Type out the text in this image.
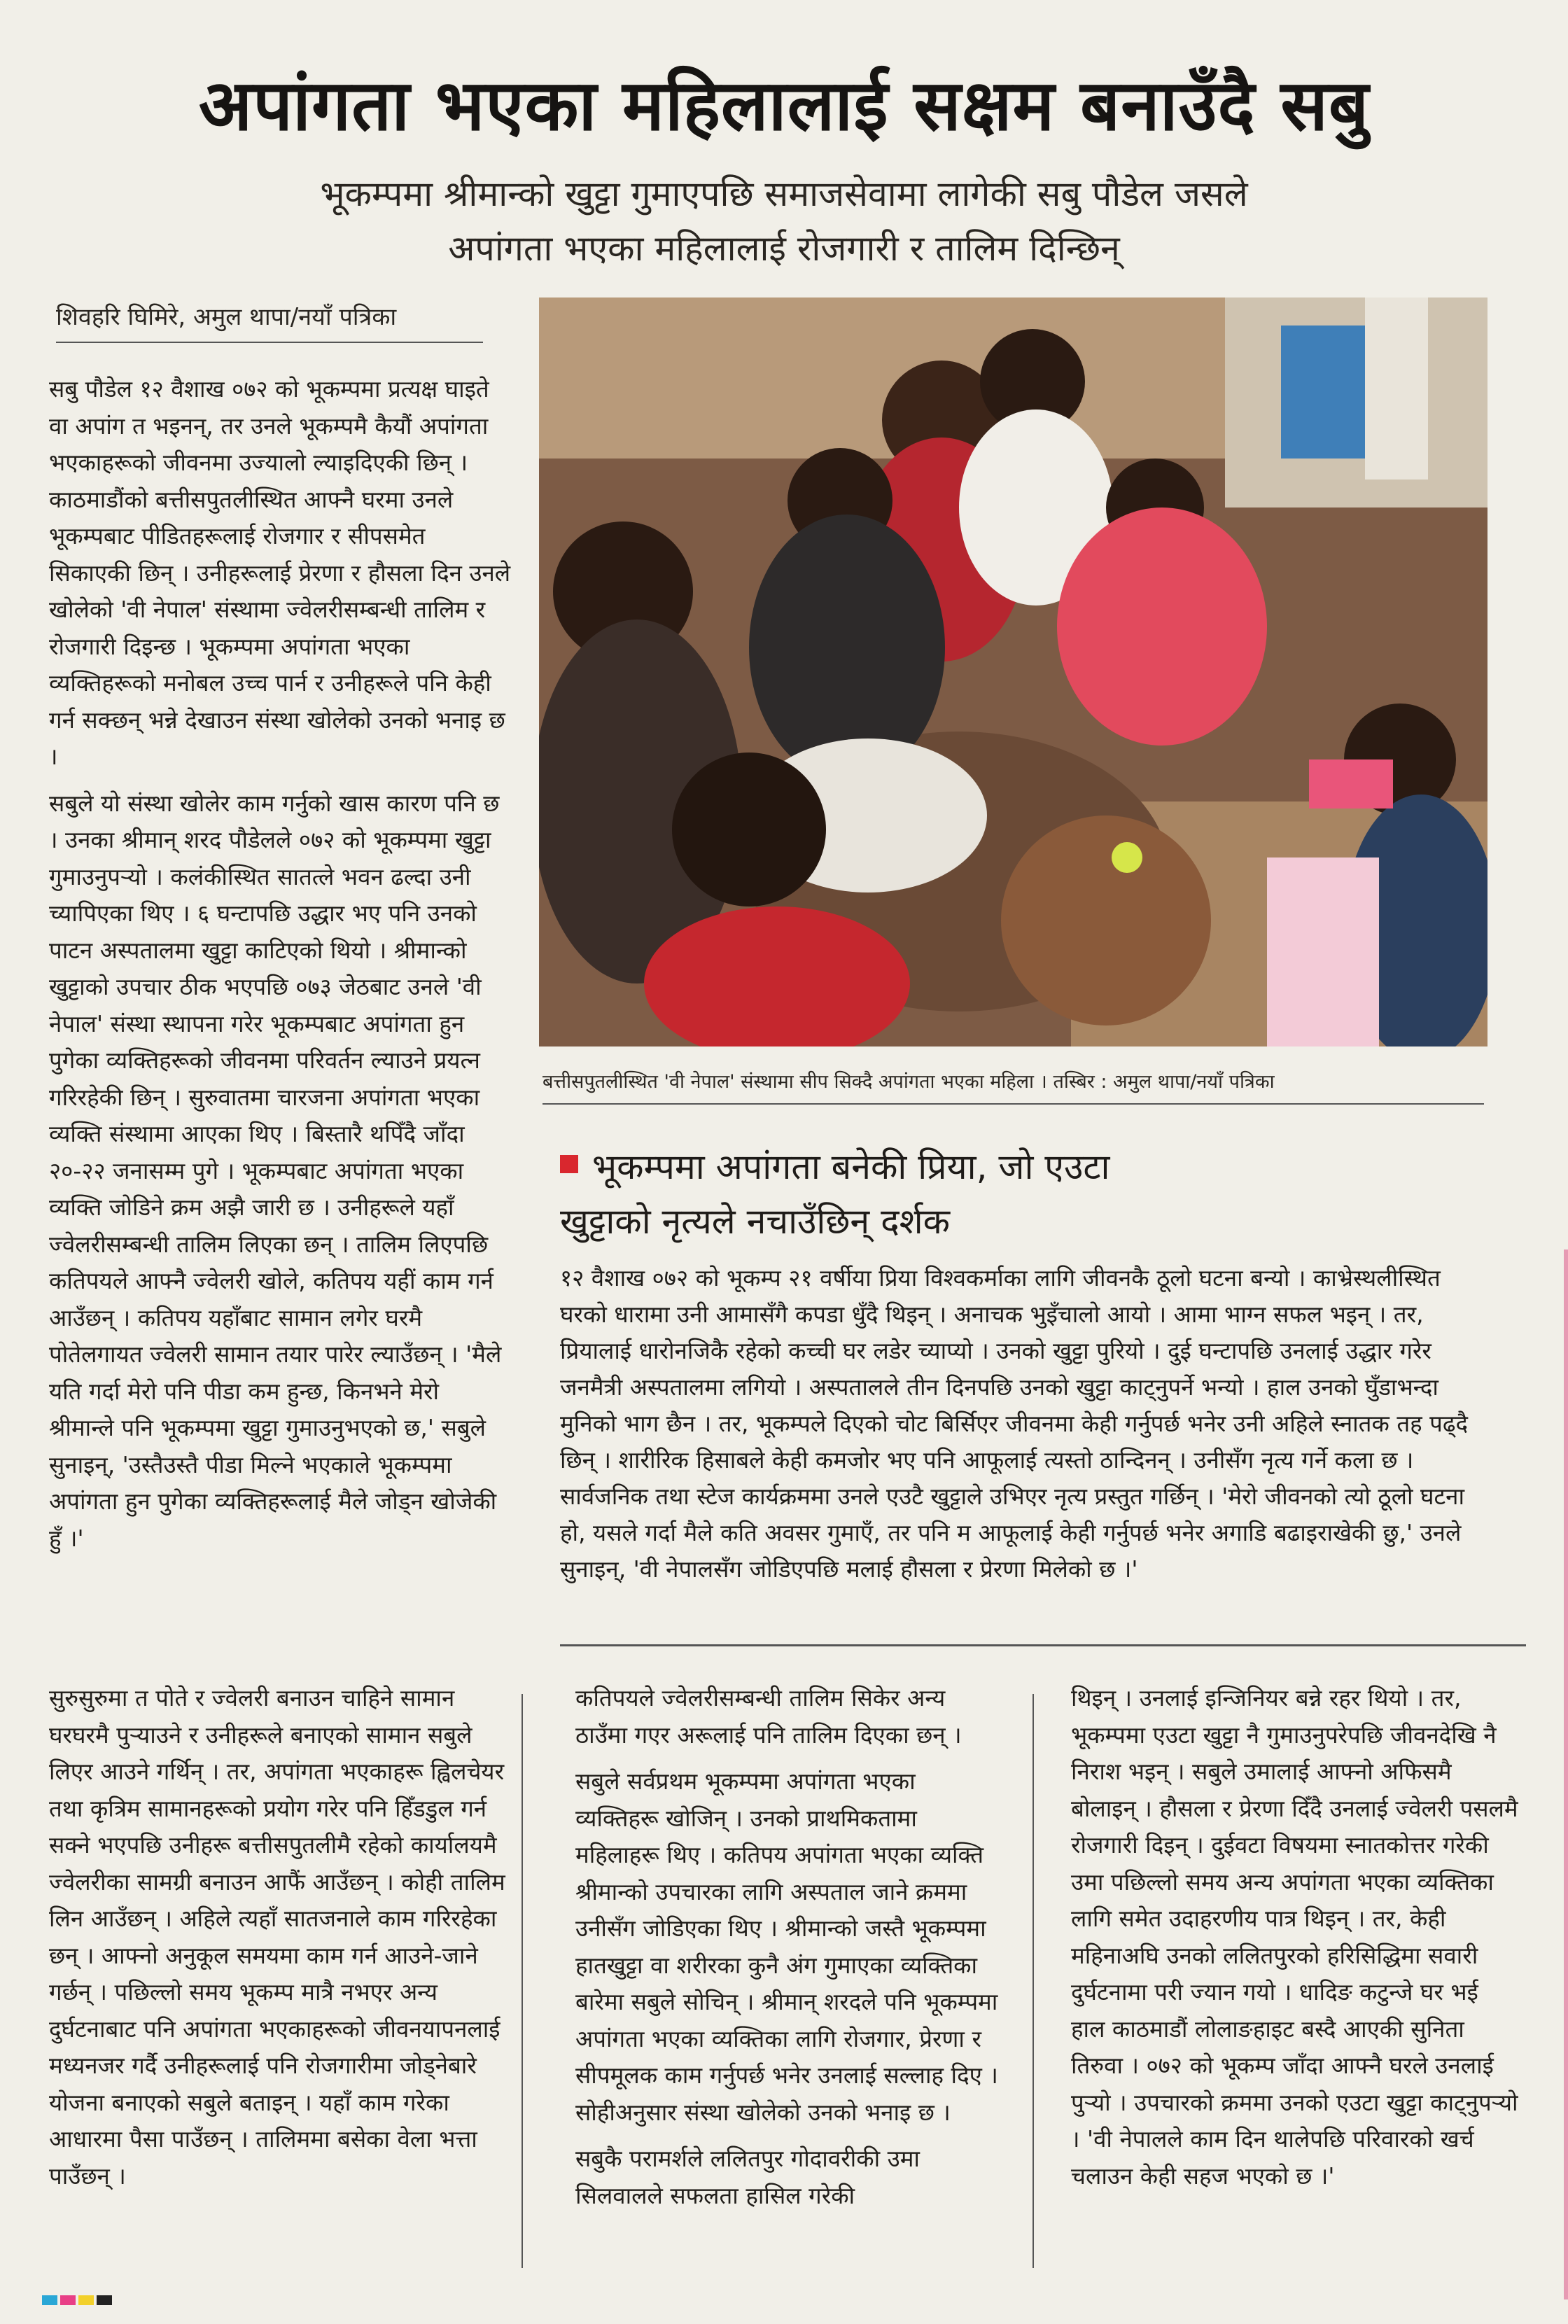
अपांगता भएका महिलालाई सक्षम बनाउँदै सबु
भूकम्पमा श्रीमान्को खुट्टा गुमाएपछि समाजसेवामा लागेकी सबु पौडेल जसले
अपांगता भएका महिलालाई रोजगारी र तालिम दिन्छिन्
शिवहरि घिमिरे, अमुल थापा/नयाँ पत्रिका

सबु पौडेल १२ वैशाख ०७२ को भूकम्पमा प्रत्यक्ष घाइते वा अपांग त भइनन्, तर उनले भूकम्पमै कैयौं अपांगता भएकाहरूको जीवनमा उज्यालो ल्याइदिएकी छिन् । काठमाडौंको बत्तीसपुतलीस्थित आफ्नै घरमा उनले भूकम्पबाट पीडितहरूलाई रोजगार र सीपसमेत सिकाएकी छिन् । उनीहरूलाई प्रेरणा र हौसला दिन उनले खोलेको 'वी नेपाल' संस्थामा ज्वेलरीसम्बन्धी तालिम र रोजगारी दिइन्छ । भूकम्पमा अपांगता भएका व्यक्तिहरूको मनोबल उच्च पार्न र उनीहरूले पनि केही गर्न सक्छन् भन्ने देखाउन संस्था खोलेको उनको भनाइ छ ।

सबुले यो संस्था खोलेर काम गर्नुको खास कारण पनि छ । उनका श्रीमान् शरद पौडेलले ०७२ को भूकम्पमा खुट्टा गुमाउनुपर्‍यो । कलंकीस्थित सातत्ले भवन ढल्दा उनी च्यापिएका थिए । ६ घन्टापछि उद्धार भए पनि उनको पाटन अस्पतालमा खुट्टा काटिएको थियो । श्रीमान्को खुट्टाको उपचार ठीक भएपछि ०७३ जेठबाट उनले 'वी नेपाल' संस्था स्थापना गरेर भूकम्पबाट अपांगता हुन पुगेका व्यक्तिहरूको जीवनमा परिवर्तन ल्याउने प्रयत्न गरिरहेकी छिन् । सुरुवातमा चारजना अपांगता भएका व्यक्ति संस्थामा आएका थिए । बिस्तारै थपिँदै जाँदा २०-२२ जनासम्म पुगे । भूकम्पबाट अपांगता भएका व्यक्ति जोडिने क्रम अझै जारी छ । उनीहरूले यहाँ ज्वेलरीसम्बन्धी तालिम लिएका छन् । तालिम लिएपछि कतिपयले आफ्नै ज्वेलरी खोले, कतिपय यहीं काम गर्न आउँछन् । कतिपय यहाँबाट सामान लगेर घरमै पोतेलगायत ज्वेलरी सामान तयार पारेर ल्याउँछन् । 'मैले यति गर्दा मेरो पनि पीडा कम हुन्छ, किनभने मेरो श्रीमान्ले पनि भूकम्पमा खुट्टा गुमाउनुभएको छ,' सबुले सुनाइन्, 'उस्तैउस्तै पीडा मिल्ने भएकाले भूकम्पमा अपांगता हुन पुगेका व्यक्तिहरूलाई मैले जोड्न खोजेकी हुँ ।'

सुरुसुरुमा त पोते र ज्वेलरी बनाउन चाहिने सामान घरघरमै पुर्‍याउने र उनीहरूले बनाएको सामान सबुले लिएर आउने गर्थिन् । तर, अपांगता भएकाहरू ह्विलचेयर तथा कृत्रिम सामानहरूको प्रयोग गरेर पनि हिँडडुल गर्न सक्ने भएपछि उनीहरू बत्तीसपुतलीमै रहेको कार्यालयमै ज्वेलरीका सामग्री बनाउन आफैं आउँछन् । कोही तालिम लिन आउँछन् । अहिले त्यहाँ सातजनाले काम गरिरहेका छन् । आफ्नो अनुकूल समयमा काम गर्न आउने-जाने गर्छन् । पछिल्लो समय भूकम्प मात्रै नभएर अन्य दुर्घटनाबाट पनि अपांगता भएकाहरूको जीवनयापनलाई मध्यनजर गर्दै उनीहरूलाई पनि रोजगारीमा जोड्नेबारे योजना बनाएको सबुले बताइन् । यहाँ काम गरेका आधारमा पैसा पाउँछन् । तालिममा बसेका वेला भत्ता पाउँछन् ।

बत्तीसपुतलीस्थित 'वी नेपाल' संस्थामा सीप सिक्दै अपांगता भएका महिला । तस्बिर : अमुल थापा/नयाँ पत्रिका
भूकम्पमा अपांगता बनेकी प्रिया, जो एउटा
खुट्टाको नृत्यले नचाउँछिन् दर्शक

१२ वैशाख ०७२ को भूकम्प २१ वर्षीया प्रिया विश्वकर्माका लागि जीवनकै ठूलो घटना बन्यो । काभ्रेस्थलीस्थित घरको धारामा उनी आमासँगै कपडा धुँदै थिइन् । अनाचक भुइँचालो आयो । आमा भाग्न सफल भइन् । तर, प्रियालाई धारोनजिकै रहेको कच्ची घर लडेर च्याप्यो । उनको खुट्टा पुरियो । दुई घन्टापछि उनलाई उद्धार गरेर जनमैत्री अस्पतालमा लगियो । अस्पतालले तीन दिनपछि उनको खुट्टा काट्नुपर्ने भन्यो । हाल उनको घुँडाभन्दा मुनिको भाग छैन । तर, भूकम्पले दिएको चोट बिर्सिएर जीवनमा केही गर्नुपर्छ भनेर उनी अहिले स्नातक तह पढ्दै छिन् । शारीरिक हिसाबले केही कमजोर भए पनि आफूलाई त्यस्तो ठान्दिनन् । उनीसँग नृत्य गर्ने कला छ । सार्वजनिक तथा स्टेज कार्यक्रममा उनले एउटै खुट्टाले उभिएर नृत्य प्रस्तुत गर्छिन् । 'मेरो जीवनको त्यो ठूलो घटना हो, यसले गर्दा मैले कति अवसर गुमाएँ, तर पनि म आफूलाई केही गर्नुपर्छ भनेर अगाडि बढाइराखेकी छु,' उनले सुनाइन्, 'वी नेपालसँग जोडिएपछि मलाई हौसला र प्रेरणा मिलेको छ ।'

कतिपयले ज्वेलरीसम्बन्धी तालिम सिकेर अन्य ठाउँमा गएर अरूलाई पनि तालिम दिएका छन् ।

सबुले सर्वप्रथम भूकम्पमा अपांगता भएका व्यक्तिहरू खोजिन् । उनको प्राथमिकतामा महिलाहरू थिए । कतिपय अपांगता भएका व्यक्ति श्रीमान्को उपचारका लागि अस्पताल जाने क्रममा उनीसँग जोडिएका थिए । श्रीमान्को जस्तै भूकम्पमा हातखुट्टा वा शरीरका कुनै अंग गुमाएका व्यक्तिका बारेमा सबुले सोचिन् । श्रीमान् शरदले पनि भूकम्पमा अपांगता भएका व्यक्तिका लागि रोजगार, प्रेरणा र सीपमूलक काम गर्नुपर्छ भनेर उनलाई सल्लाह दिए । सोहीअनुसार संस्था खोलेको उनको भनाइ छ ।

सबुकै परामर्शले ललितपुर गोदावरीकी उमा सिलवालले सफलता हासिल गरेकी

थिइन् । उनलाई इन्जिनियर बन्ने रहर थियो । तर, भूकम्पमा एउटा खुट्टा नै गुमाउनुपरेपछि जीवनदेखि नै निराश भइन् । सबुले उमालाई आफ्नो अफिसमै बोलाइन् । हौसला र प्रेरणा दिँदै उनलाई ज्वेलरी पसलमै रोजगारी दिइन् । दुईवटा विषयमा स्नातकोत्तर गरेकी उमा पछिल्लो समय अन्य अपांगता भएका व्यक्तिका लागि समेत उदाहरणीय पात्र थिइन् । तर, केही महिनाअघि उनको ललितपुरको हरिसिद्धिमा सवारी दुर्घटनामा परी ज्यान गयो । धादिङ कटुन्जे घर भई हाल काठमाडौं लोलाङहाइट बस्दै आएकी सुनिता तिरुवा । ०७२ को भूकम्प जाँदा आफ्नै घरले उनलाई पुर्‍यो । उपचारको क्रममा उनको एउटा खुट्टा काट्नुपर्‍यो । 'वी नेपालले काम दिन थालेपछि परिवारको खर्च चलाउन केही सहज भएको छ ।'
